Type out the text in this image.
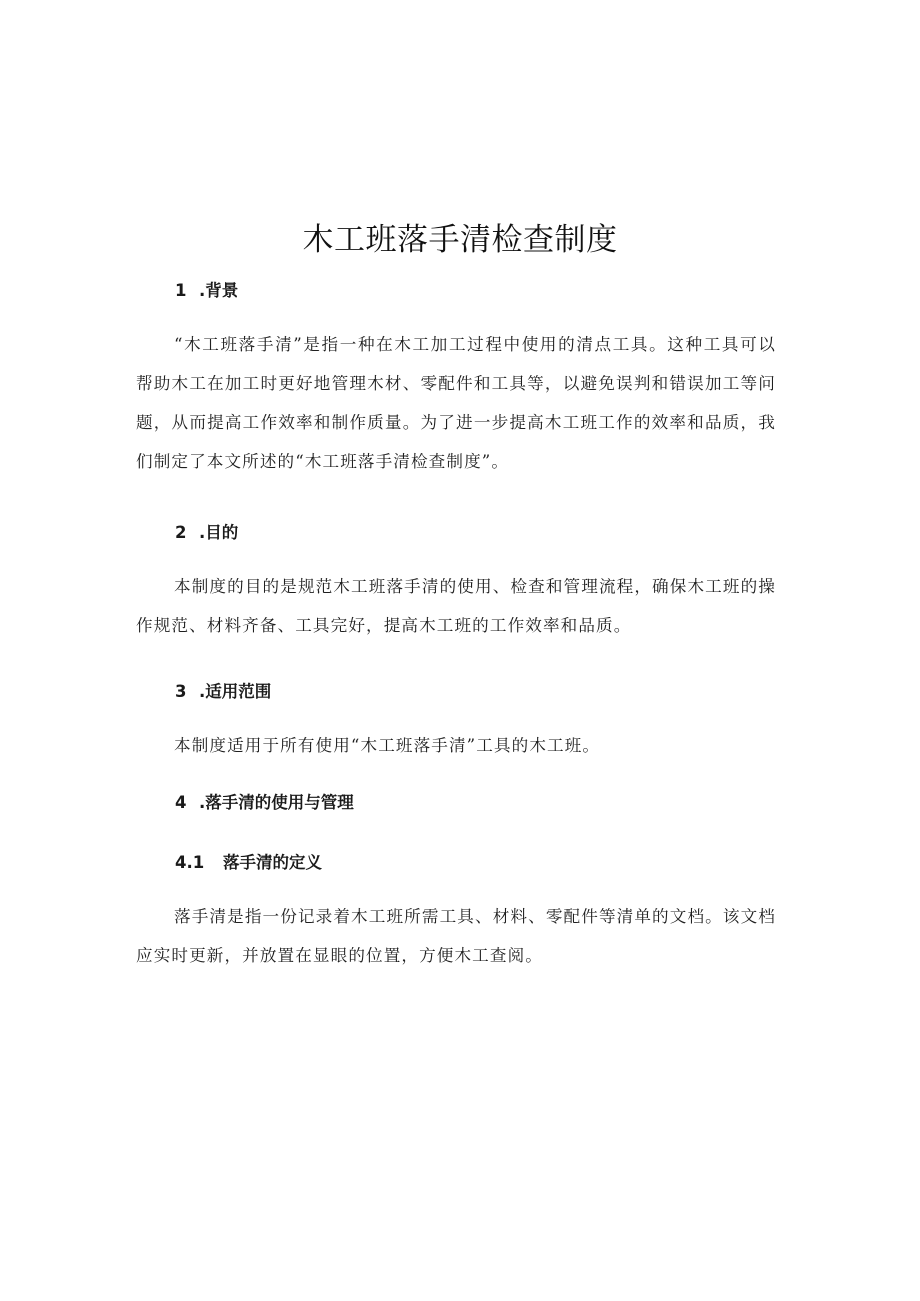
木工班落手清检查制度
1 .背景
“木工班落手清”是指一种在木工加工过程中使用的清点工具。这种工具可以帮助木工在加工时更好地管理木材、零配件和工具等，以避免误判和错误加工等问题，从而提高工作效率和制作质量。为了进一步提高木工班工作的效率和品质，我们制定了本文所述的“木工班落手清检查制度”。
2 .目的
本制度的目的是规范木工班落手清的使用、检查和管理流程，确保木工班的操作规范、材料齐备、工具完好，提高木工班的工作效率和品质。
3 .适用范围
本制度适用于所有使用“木工班落手清”工具的木工班。
4 .落手清的使用与管理
4.1 落手清的定义
落手清是指一份记录着木工班所需工具、材料、零配件等清单的文档。该文档应实时更新，并放置在显眼的位置，方便木工查阅。
